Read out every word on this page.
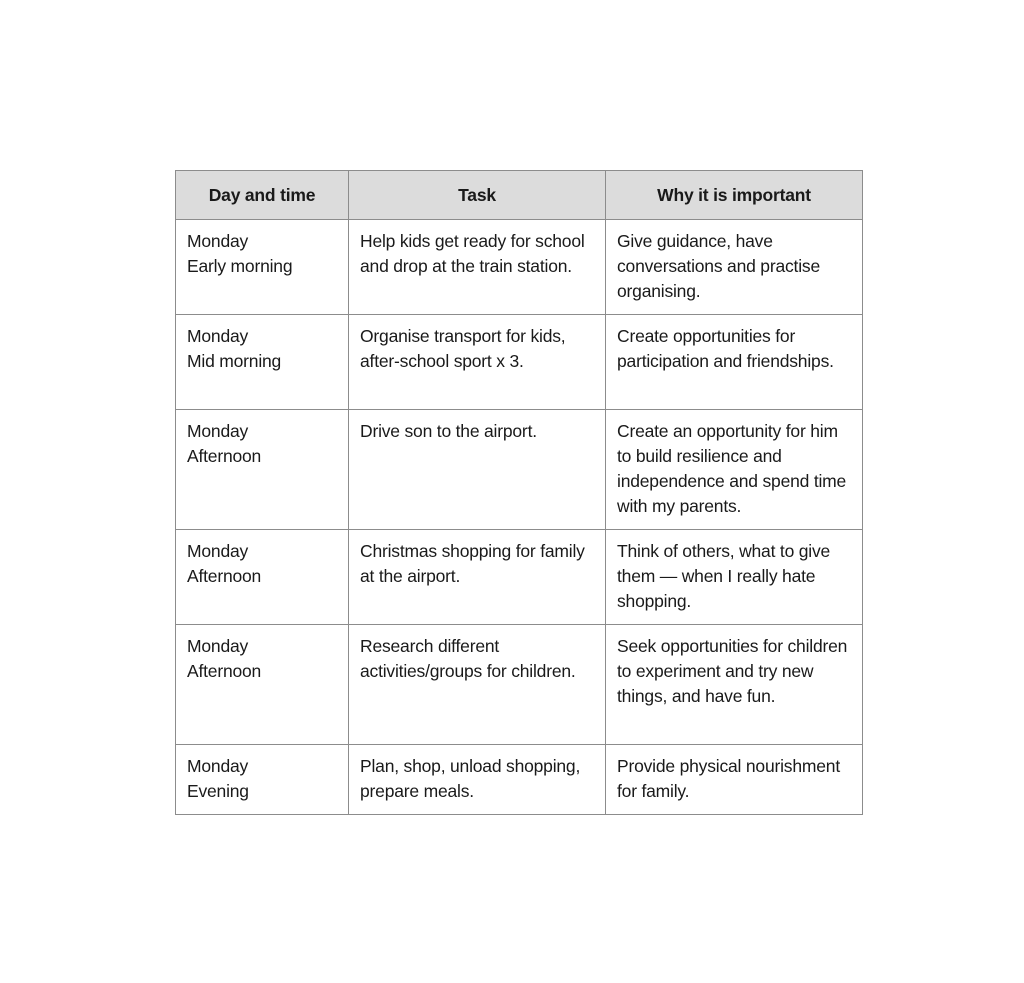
Day and time	Task	Why it is important

Monday
Early morning	Help kids get ready for school and drop at the train station.	Give guidance, have conversations and practise organising.

Monday
Mid morning	Organise transport for kids, after-school sport x 3.	Create opportunities for participation and friendships.

Monday
Afternoon	Drive son to the airport.	Create an opportunity for him to build resilience and independence and spend time with my parents.

Monday
Afternoon	Christmas shopping for family at the airport.	Think of others, what to give them — when I really hate shopping.

Monday
Afternoon	Research different activities/groups for children.	Seek opportunities for children to experiment and try new things, and have fun.

Monday
Evening	Plan, shop, unload shopping, prepare meals.	Provide physical nourishment for family.
